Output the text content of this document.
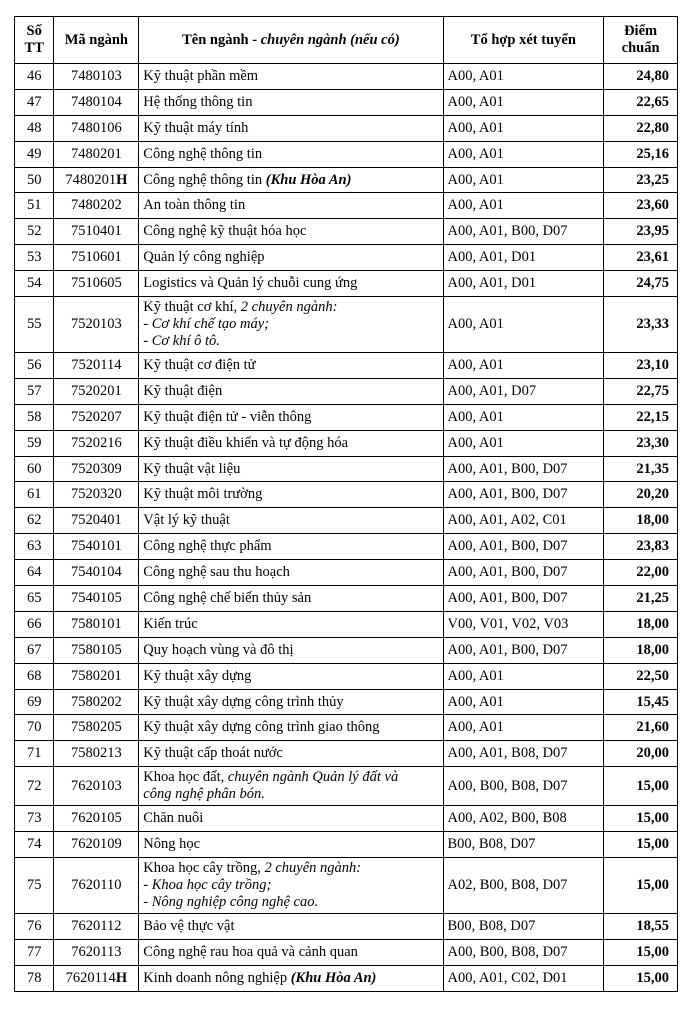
Số
TT	Mã ngành	Tên ngành - chuyên ngành (nếu có)	Tổ hợp xét tuyển	Điểm
chuẩn

46	7480103	Kỹ thuật phần mềm	A00, A01	24,80
47	7480104	Hệ thống thông tin	A00, A01	22,65
48	7480106	Kỹ thuật máy tính	A00, A01	22,80
49	7480201	Công nghệ thông tin	A00, A01	25,16
50	7480201H	Công nghệ thông tin (Khu Hòa An)	A00, A01	23,25
51	7480202	An toàn thông tin	A00, A01	23,60
52	7510401	Công nghệ kỹ thuật hóa học	A00, A01, B00, D07	23,95
53	7510601	Quản lý công nghiệp	A00, A01, D01	23,61
54	7510605	Logistics và Quản lý chuỗi cung ứng	A00, A01, D01	24,75
55	7520103	Kỹ thuật cơ khí, 2 chuyên ngành:
- Cơ khí chế tạo máy;
- Cơ khí ô tô.	A00, A01	23,33
56	7520114	Kỹ thuật cơ điện tử	A00, A01	23,10
57	7520201	Kỹ thuật điện	A00, A01, D07	22,75
58	7520207	Kỹ thuật điện tử - viễn thông	A00, A01	22,15
59	7520216	Kỹ thuật điều khiển và tự động hóa	A00, A01	23,30
60	7520309	Kỹ thuật vật liệu	A00, A01, B00, D07	21,35
61	7520320	Kỹ thuật môi trường	A00, A01, B00, D07	20,20
62	7520401	Vật lý kỹ thuật	A00, A01, A02, C01	18,00
63	7540101	Công nghệ thực phẩm	A00, A01, B00, D07	23,83
64	7540104	Công nghệ sau thu hoạch	A00, A01, B00, D07	22,00
65	7540105	Công nghệ chế biến thủy sản	A00, A01, B00, D07	21,25
66	7580101	Kiến trúc	V00, V01, V02, V03	18,00
67	7580105	Quy hoạch vùng và đô thị	A00, A01, B00, D07	18,00
68	7580201	Kỹ thuật xây dựng	A00, A01	22,50
69	7580202	Kỹ thuật xây dựng công trình thủy	A00, A01	15,45
70	7580205	Kỹ thuật xây dựng công trình giao thông	A00, A01	21,60
71	7580213	Kỹ thuật cấp thoát nước	A00, A01, B08, D07	20,00
72	7620103	Khoa học đất, chuyên ngành Quản lý đất và
công nghệ phân bón.	A00, B00, B08, D07	15,00
73	7620105	Chăn nuôi	A00, A02, B00, B08	15,00
74	7620109	Nông học	B00, B08, D07	15,00
75	7620110	Khoa học cây trồng, 2 chuyên ngành:
- Khoa học cây trồng;
- Nông nghiệp công nghệ cao.	A02, B00, B08, D07	15,00
76	7620112	Bảo vệ thực vật	B00, B08, D07	18,55
77	7620113	Công nghệ rau hoa quả và cảnh quan	A00, B00, B08, D07	15,00
78	7620114H	Kinh doanh nông nghiệp (Khu Hòa An)	A00, A01, C02, D01	15,00
